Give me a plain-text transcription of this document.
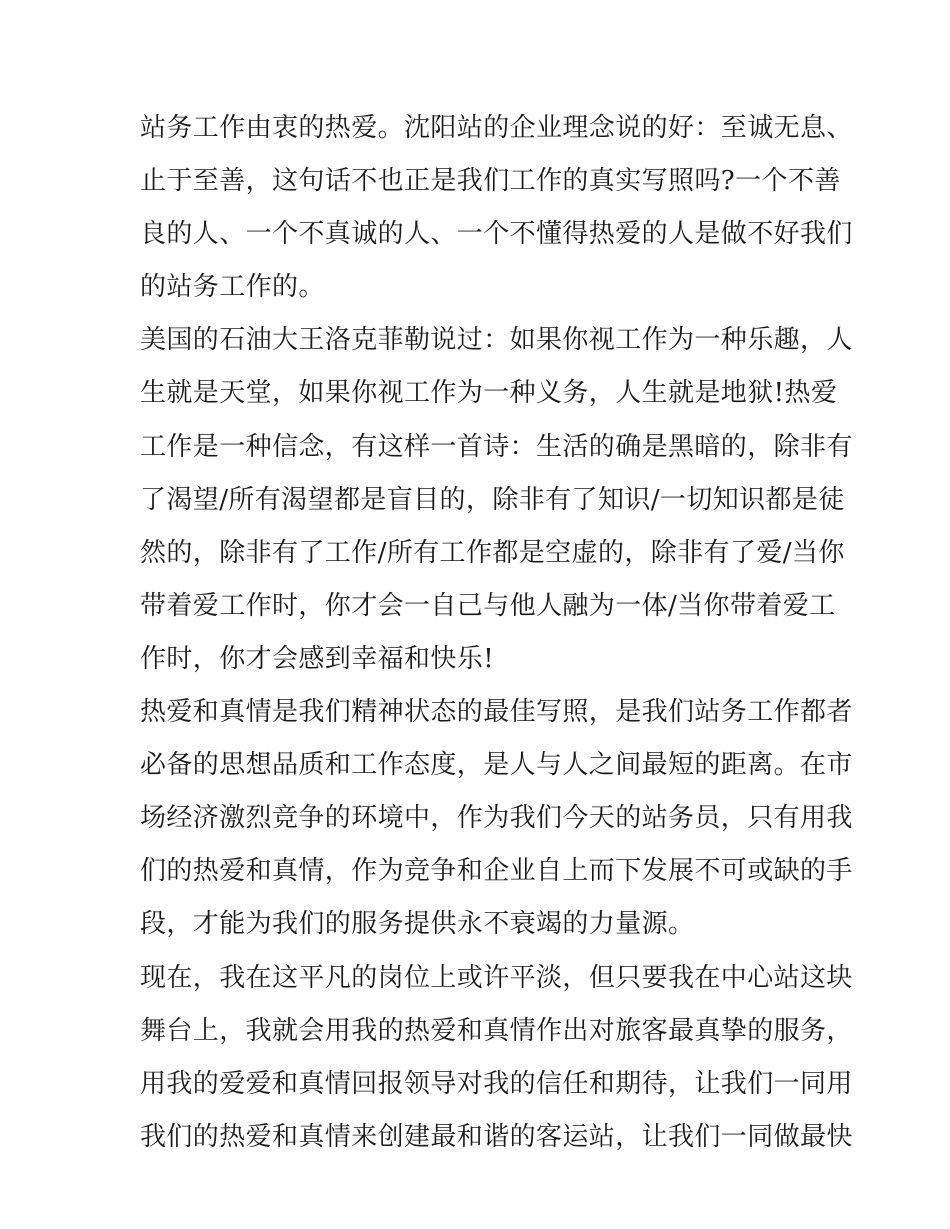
站务工作由衷的热爱。沈阳站的企业理念说的好：至诚无息、
止于至善，这句话不也正是我们工作的真实写照吗?一个不善
良的人、一个不真诚的人、一个不懂得热爱的人是做不好我们
的站务工作的。
美国的石油大王洛克菲勒说过：如果你视工作为一种乐趣，人
生就是天堂，如果你视工作为一种义务，人生就是地狱!热爱
工作是一种信念，有这样一首诗：生活的确是黑暗的，除非有
了渴望/所有渴望都是盲目的，除非有了知识/一切知识都是徒
然的，除非有了工作/所有工作都是空虚的，除非有了爱/当你
带着爱工作时，你才会一自己与他人融为一体/当你带着爱工
作时，你才会感到幸福和快乐!
热爱和真情是我们精神状态的最佳写照，是我们站务工作都者
必备的思想品质和工作态度，是人与人之间最短的距离。在市
场经济激烈竞争的环境中，作为我们今天的站务员，只有用我
们的热爱和真情，作为竞争和企业自上而下发展不可或缺的手
段，才能为我们的服务提供永不衰竭的力量源。
现在，我在这平凡的岗位上或许平淡，但只要我在中心站这块
舞台上，我就会用我的热爱和真情作出对旅客最真挚的服务，
用我的爱爱和真情回报领导对我的信任和期待，让我们一同用
我们的热爱和真情来创建最和谐的客运站，让我们一同做最快
